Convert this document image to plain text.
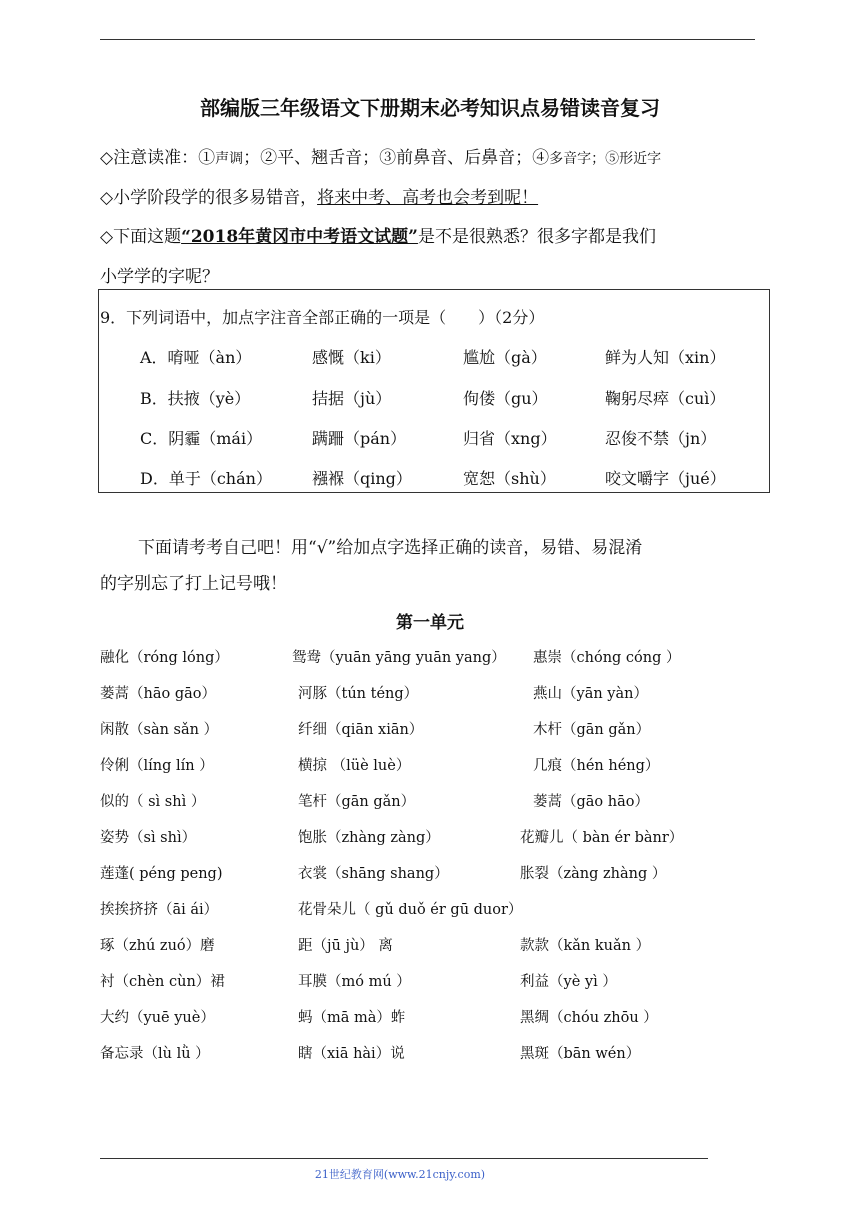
部编版三年级语文下册期末必考知识点易错读音复习
◇注意读准：①声调；②平、翘舌音；③前鼻音、后鼻音；④多音字；⑤形近字
◇小学阶段学的很多易错音，将来中考、高考也会考到呢！
◇下面这题“2018年黄冈市中考语文试题”是不是很熟悉？很多字都是我们
小学学的字呢？
9．下列词语中，加点字注音全部正确的一项是（　　）（2分）
A．唷哑（àn）	感慨（ki）	尴尬（gà）	鲜为人知（xin）
B．扶掖（yè）	拮据（jù）	佝偻（gu）	鞠躬尽瘁（cuì）
C．阴霾（mái）	蹒跚（pán）	归省（xng）	忍俊不禁（jn）
D．单于（chán）	襁褓（qing）	宽恕（shù）	咬文嚼字（jué）
下面请考考自己吧！用“√”给加点字选择正确的读音，易错、易混淆
的字别忘了打上记号哦！
第一单元
融化（róng lóng）	鸳鸯（yuān yāng yuān yang） 惠崇（chóng cóng ）
蒌蒿（hāo gāo）	河豚（tún téng）	燕山（yān yàn）
闲散（sàn sǎn ）	纤细（qiān xiān）	木杆（gān gǎn）
伶俐（líng lín ）	横掠 （lüè luè）	几痕（hén héng）
似的（ sì shì ）	笔杆（gān gǎn）	蒌蒿（gāo hāo）
姿势（sì shì）	饱胀（zhàng zàng）	花瓣儿（ bàn ér bànr）
莲蓬( péng peng)	衣裳（shāng shang）	胀裂（zàng zhàng ）
挨挨挤挤（āi ái）	花骨朵儿（ gǔ duǒ ér gū duor）
琢（zhú zuó）磨	距（jū jù） 离	款款（kǎn kuǎn ）
衬（chèn cùn）裙	耳膜（mó mú ）	利益（yè yì ）
大约（yuē yuè）	蚂（mā mà）蚱	黑绸（chóu zhōu ）
备忘录（lù lǜ ）	瞎（xiā hài）说	黑斑（bān wén）
21世纪教育网(www.21cnjy.com)
